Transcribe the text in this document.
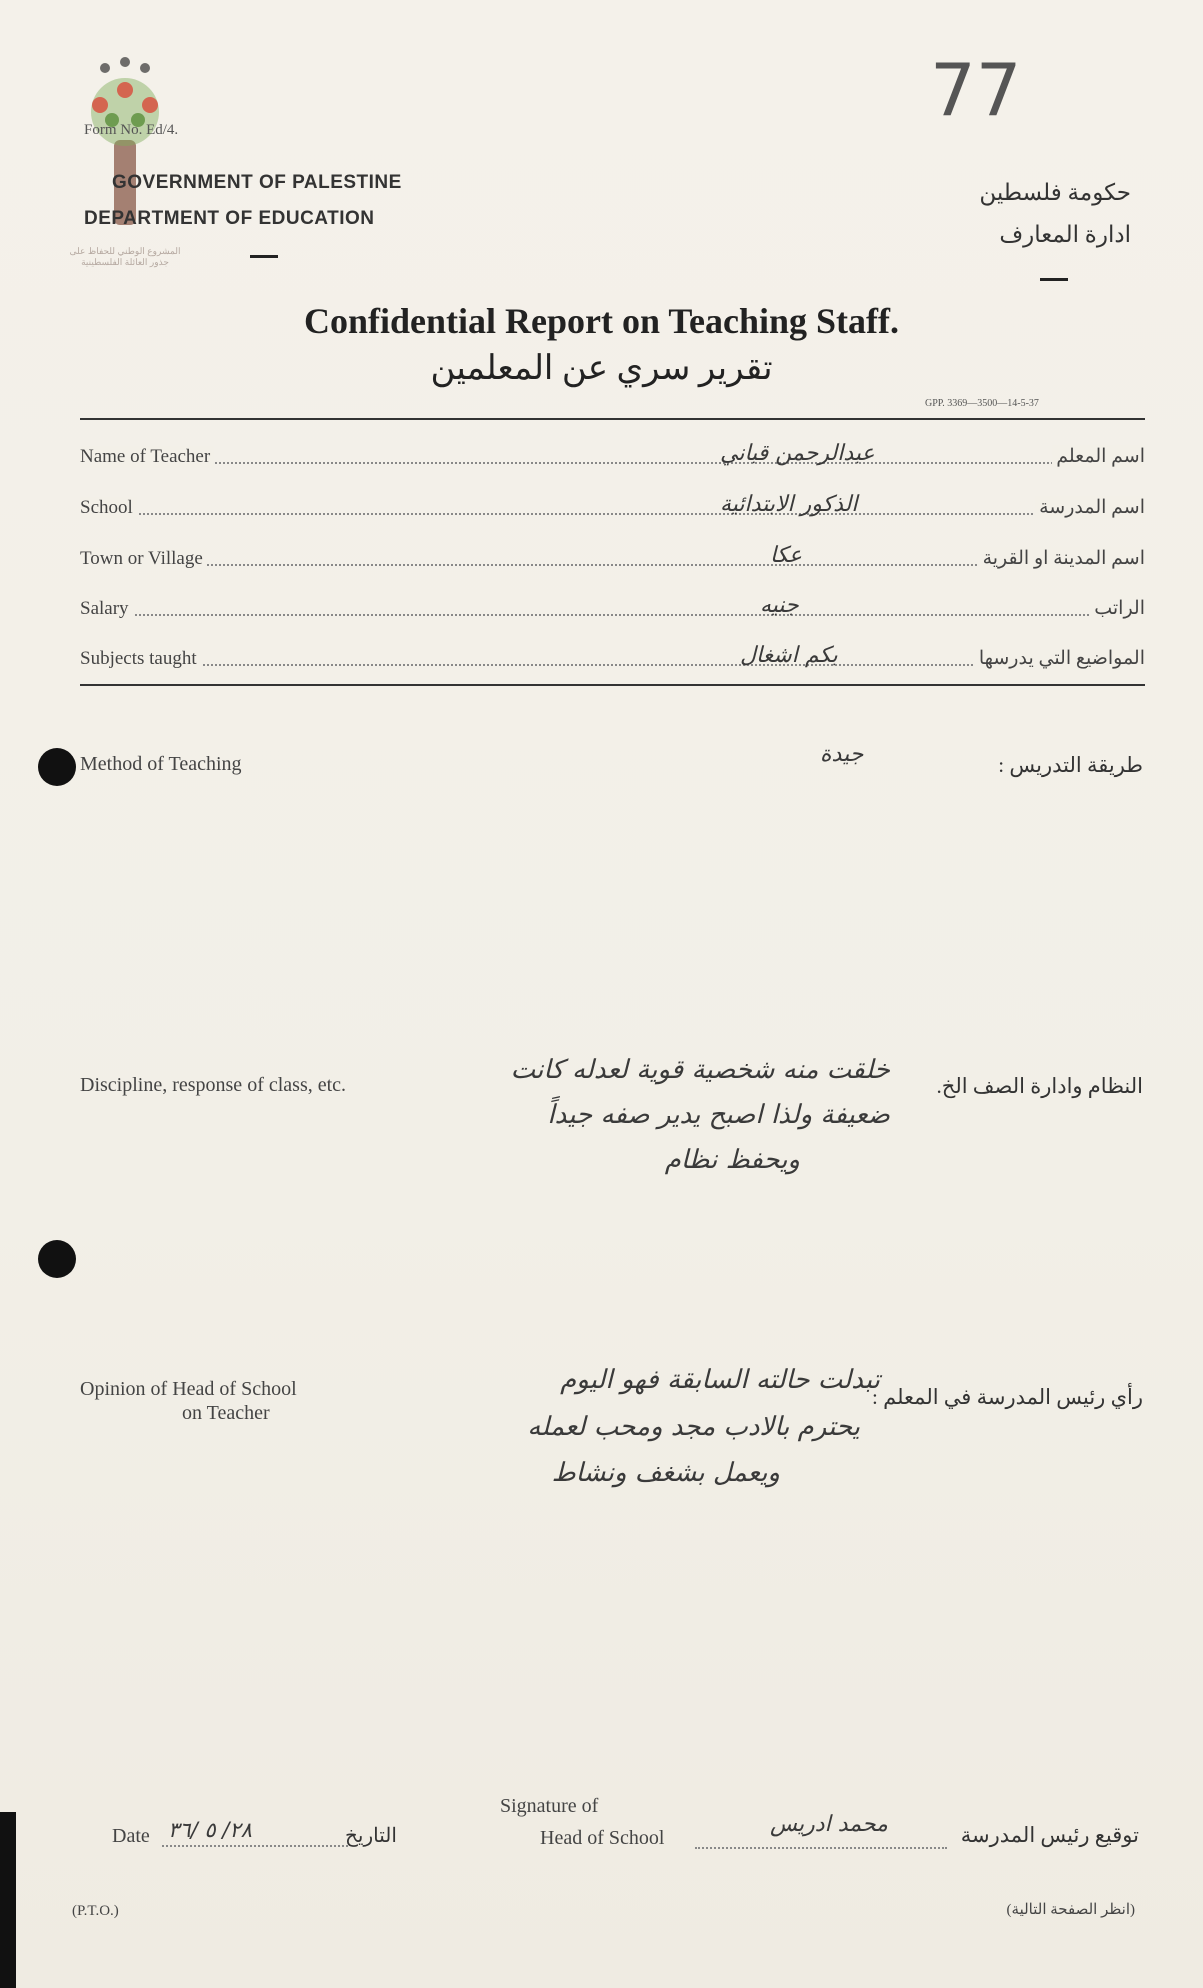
المشروع الوطني للحفاظ على جذور العائلة الفلسطينية
77
Form No. Ed/4.
GOVERNMENT OF PALESTINE
DEPARTMENT OF EDUCATION
حكومة فلسطين
ادارة المعارف
Confidential Report on Teaching Staff.
تقرير سري عن المعلمين
GPP. 3369—3500—14-5-37
Name of Teacher	عبدالرحمن قباني	اسم المعلم
School	الذكور الابتدائية	اسم المدرسة
Town or Village	عكا	اسم المدينة او القرية
Salary	جنيه	الراتب
Subjects taught	بكم اشغال	المواضيع التي يدرسها
Method of Teaching	جيدة	طريقة التدريس :
Discipline, response of class, etc.	النظام وادارة الصف الخ.
خلقت منه شخصية قوية لعدله كانت
ضعيفة ولذا اصبح يدير صفه جيداً
ويحفظ نظام
Opinion of Head of School
on Teacher
رأي رئيس المدرسة في المعلم :
تبدلت حالته السابقة فهو اليوم
يحترم بالادب مجد ومحب لعمله
ويعمل بشغف ونشاط
Date ٢٨/ ٥ /٣٦	التاريخ
Signature of
Head of School
محمد ادريس	توقيع رئيس المدرسة
(P.T.O.)	(انظر الصفحة التالية)
